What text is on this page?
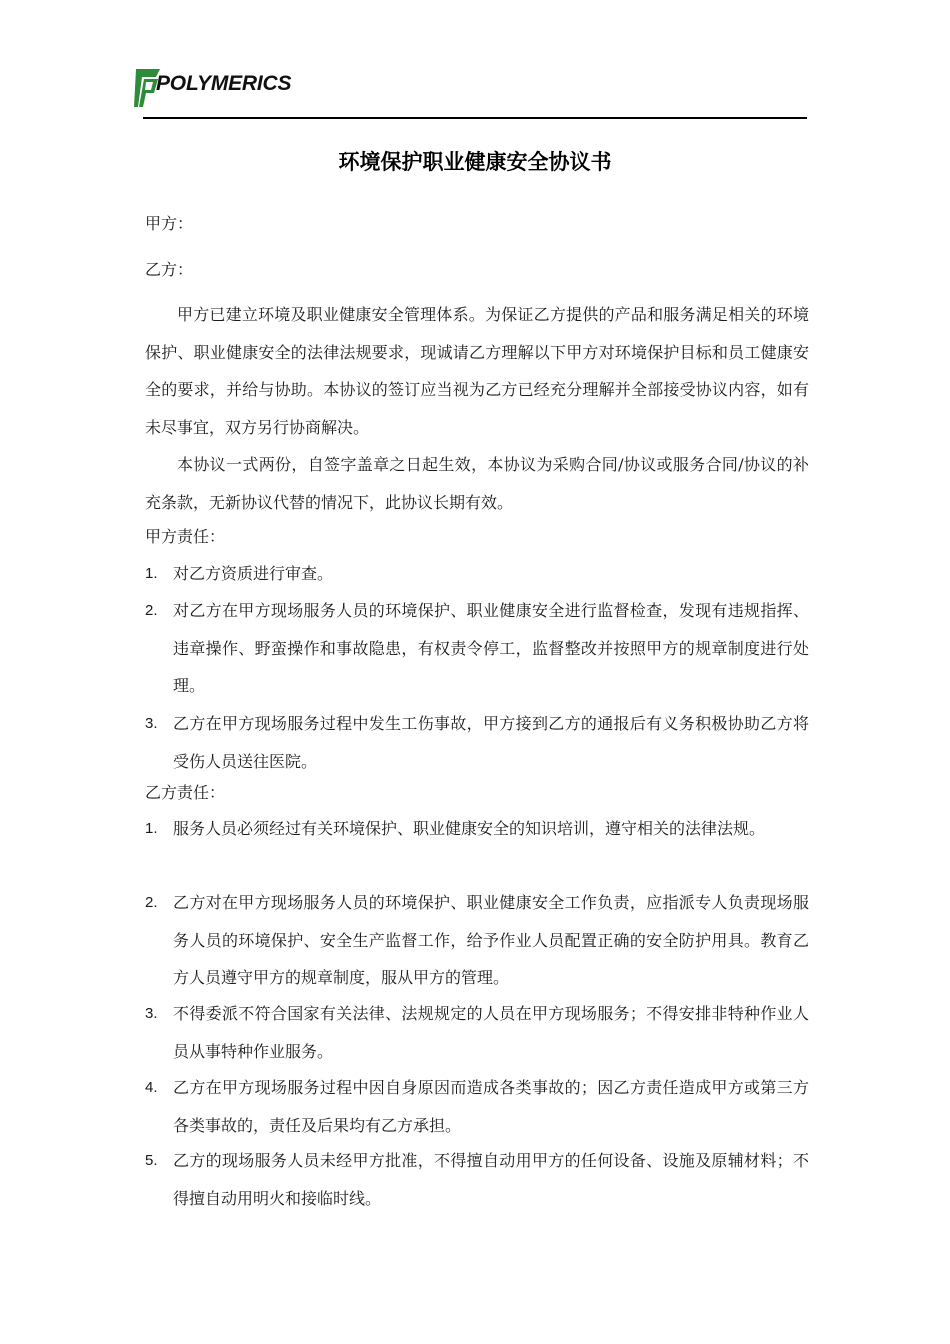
POLYMERICS
环境保护职业健康安全协议书
甲方：
乙方：
甲方已建立环境及职业健康安全管理体系。为保证乙方提供的产品和服务满足相关的环境保护、职业健康安全的法律法规要求，现诚请乙方理解以下甲方对环境保护目标和员工健康安全的要求，并给与协助。本协议的签订应当视为乙方已经充分理解并全部接受协议内容，如有未尽事宜，双方另行协商解决。
本协议一式两份，自签字盖章之日起生效，本协议为采购合同/协议或服务合同/协议的补充条款，无新协议代替的情况下，此协议长期有效。
甲方责任：
1. 对乙方资质进行审查。
2. 对乙方在甲方现场服务人员的环境保护、职业健康安全进行监督检查，发现有违规指挥、违章操作、野蛮操作和事故隐患，有权责令停工，监督整改并按照甲方的规章制度进行处理。
3. 乙方在甲方现场服务过程中发生工伤事故，甲方接到乙方的通报后有义务积极协助乙方将受伤人员送往医院。
乙方责任：
1. 服务人员必须经过有关环境保护、职业健康安全的知识培训，遵守相关的法律法规。
2. 乙方对在甲方现场服务人员的环境保护、职业健康安全工作负责，应指派专人负责现场服务人员的环境保护、安全生产监督工作，给予作业人员配置正确的安全防护用具。教育乙方人员遵守甲方的规章制度，服从甲方的管理。
3. 不得委派不符合国家有关法律、法规规定的人员在甲方现场服务；不得安排非特种作业人员从事特种作业服务。
4. 乙方在甲方现场服务过程中因自身原因而造成各类事故的；因乙方责任造成甲方或第三方各类事故的，责任及后果均有乙方承担。
5. 乙方的现场服务人员未经甲方批准，不得擅自动用甲方的任何设备、设施及原辅材料；不得擅自动用明火和接临时线。
